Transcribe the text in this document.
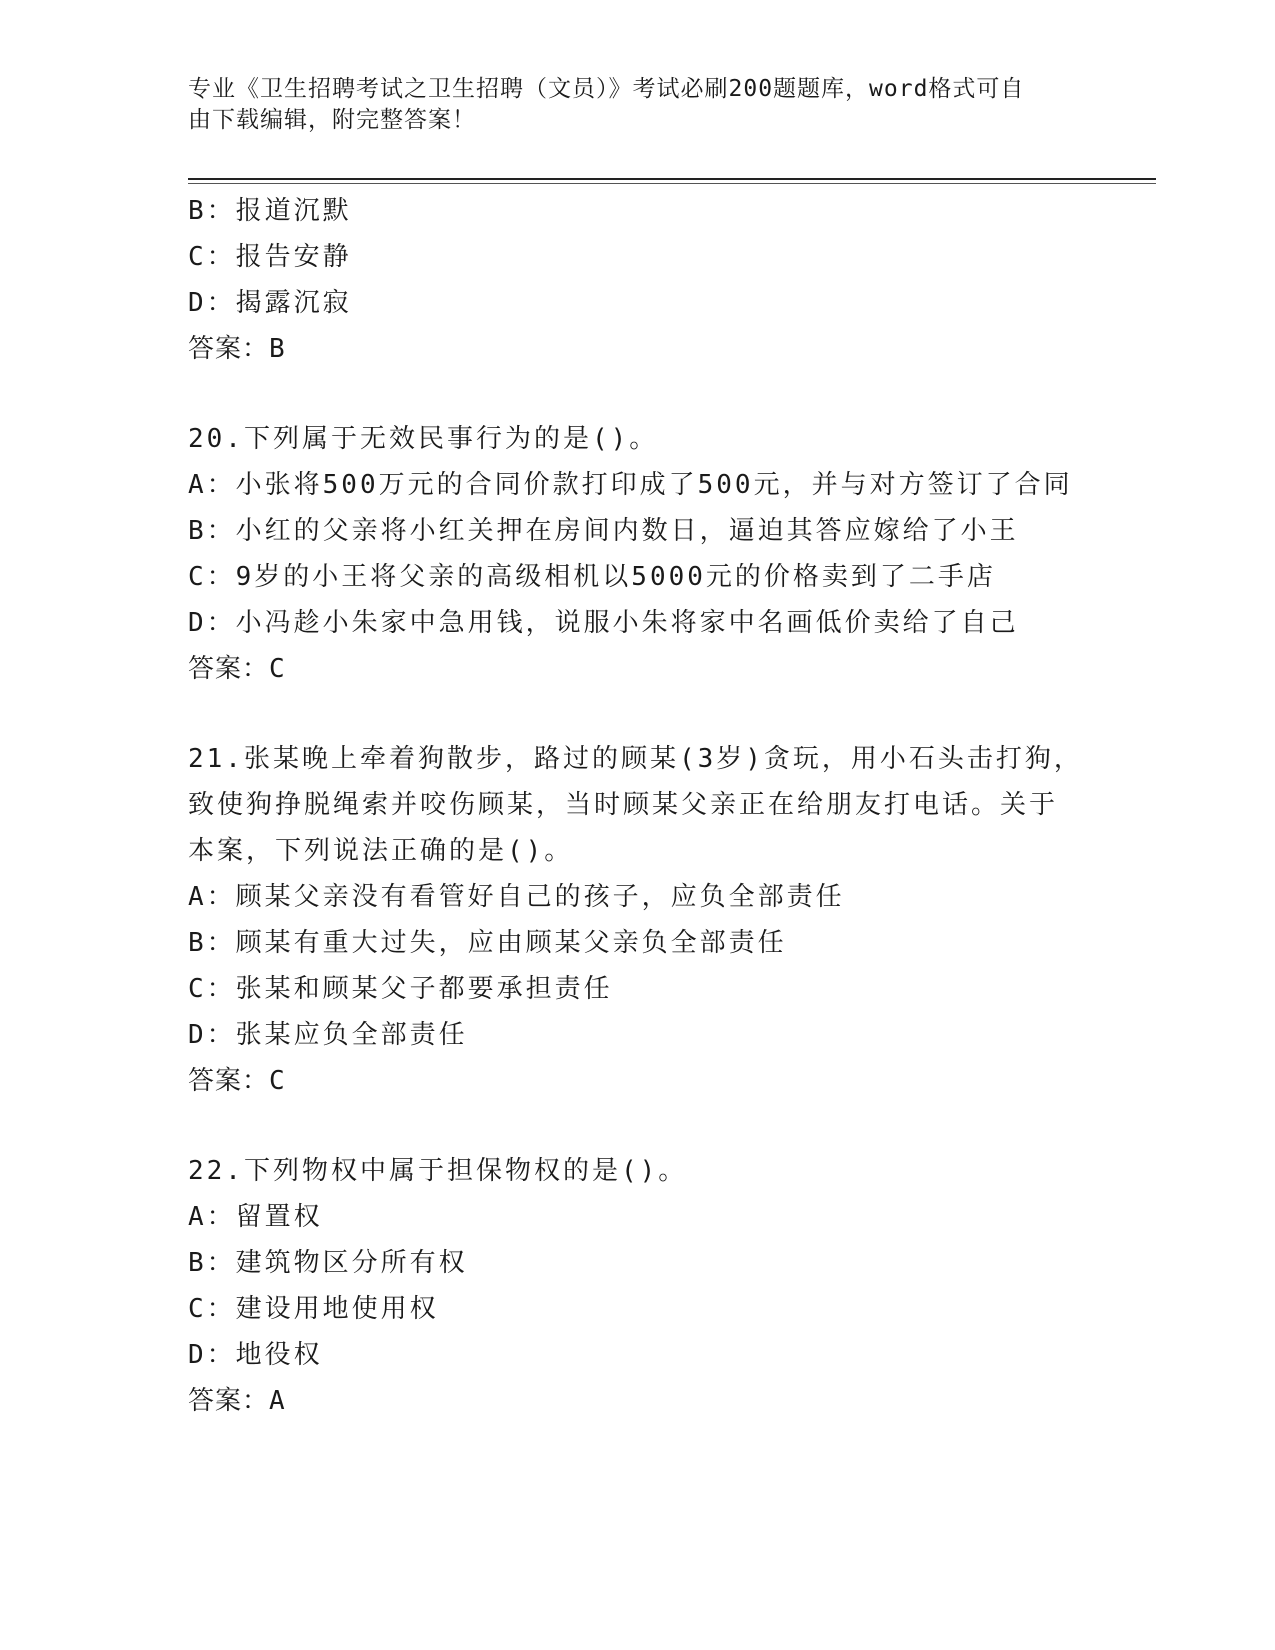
专业《卫生招聘考试之卫生招聘（文员）》考试必刷200题题库，word格式可自
由下载编辑，附完整答案！
B：报道沉默
C：报告安静
D：揭露沉寂
答案：B
20.下列属于无效民事行为的是()。
A：小张将500万元的合同价款打印成了500元，并与对方签订了合同
B：小红的父亲将小红关押在房间内数日，逼迫其答应嫁给了小王
C：9岁的小王将父亲的高级相机以5000元的价格卖到了二手店
D：小冯趁小朱家中急用钱，说服小朱将家中名画低价卖给了自己
答案：C
21.张某晚上牵着狗散步，路过的顾某(3岁)贪玩，用小石头击打狗，
致使狗挣脱绳索并咬伤顾某，当时顾某父亲正在给朋友打电话。关于
本案，下列说法正确的是()。
A：顾某父亲没有看管好自己的孩子，应负全部责任
B：顾某有重大过失，应由顾某父亲负全部责任
C：张某和顾某父子都要承担责任
D：张某应负全部责任
答案：C
22.下列物权中属于担保物权的是()。
A：留置权
B：建筑物区分所有权
C：建设用地使用权
D：地役权
答案：A
